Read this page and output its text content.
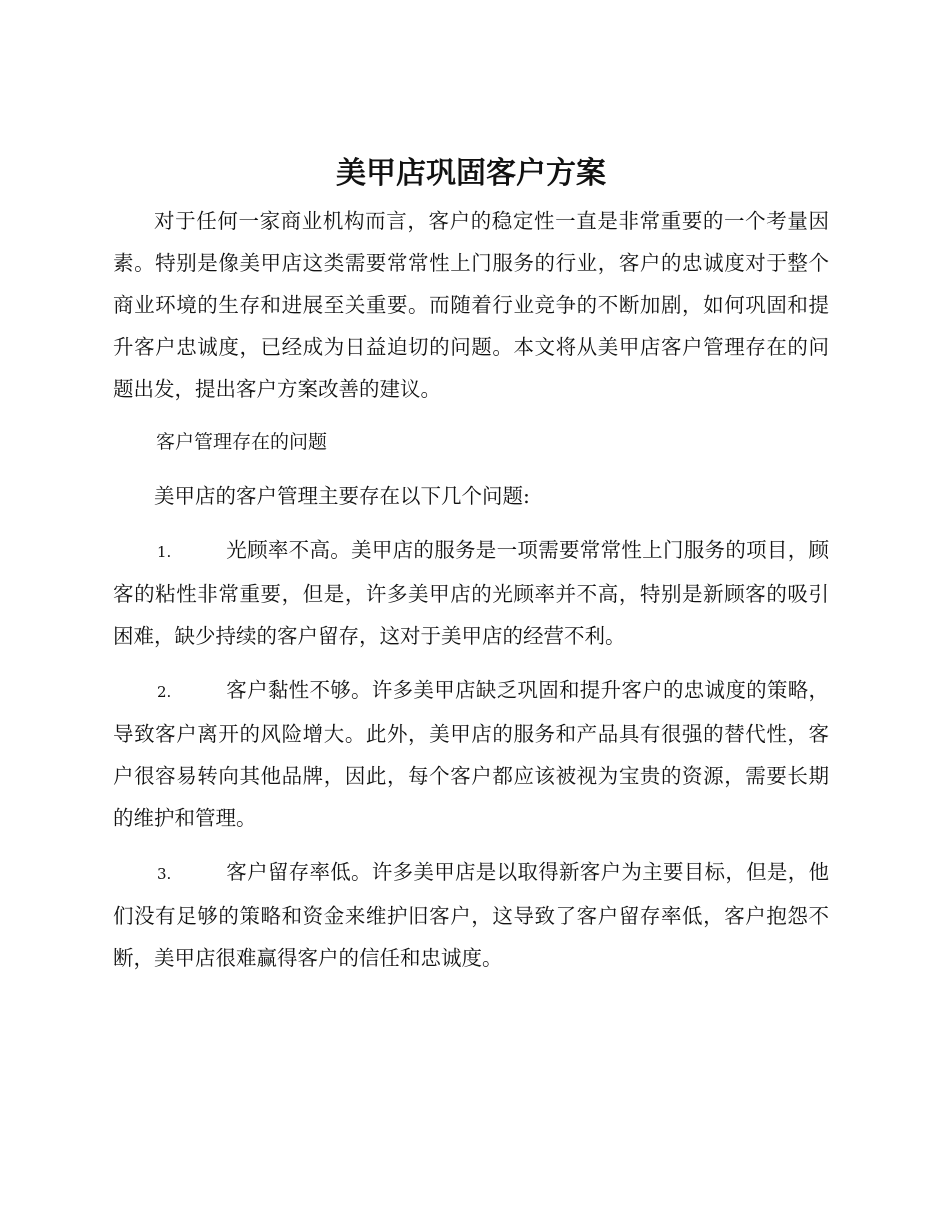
美甲店巩固客户方案

对于任何一家商业机构而言，客户的稳定性一直是非常重要的一个考量因素。特别是像美甲店这类需要常常性上门服务的行业，客户的忠诚度对于整个商业环境的生存和进展至关重要。而随着行业竞争的不断加剧，如何巩固和提升客户忠诚度，已经成为日益迫切的问题。本文将从美甲店客户管理存在的问题出发，提出客户方案改善的建议。

客户管理存在的问题

美甲店的客户管理主要存在以下几个问题:

1.	光顾率不高。美甲店的服务是一项需要常常性上门服务的项目，顾客的粘性非常重要，但是，许多美甲店的光顾率并不高，特别是新顾客的吸引困难，缺少持续的客户留存，这对于美甲店的经营不利。

2.	客户黏性不够。许多美甲店缺乏巩固和提升客户的忠诚度的策略，导致客户离开的风险增大。此外，美甲店的服务和产品具有很强的替代性，客户很容易转向其他品牌，因此，每个客户都应该被视为宝贵的资源，需要长期的维护和管理。

3.	客户留存率低。许多美甲店是以取得新客户为主要目标，但是，他们没有足够的策略和资金来维护旧客户，这导致了客户留存率低，客户抱怨不断，美甲店很难赢得客户的信任和忠诚度。
